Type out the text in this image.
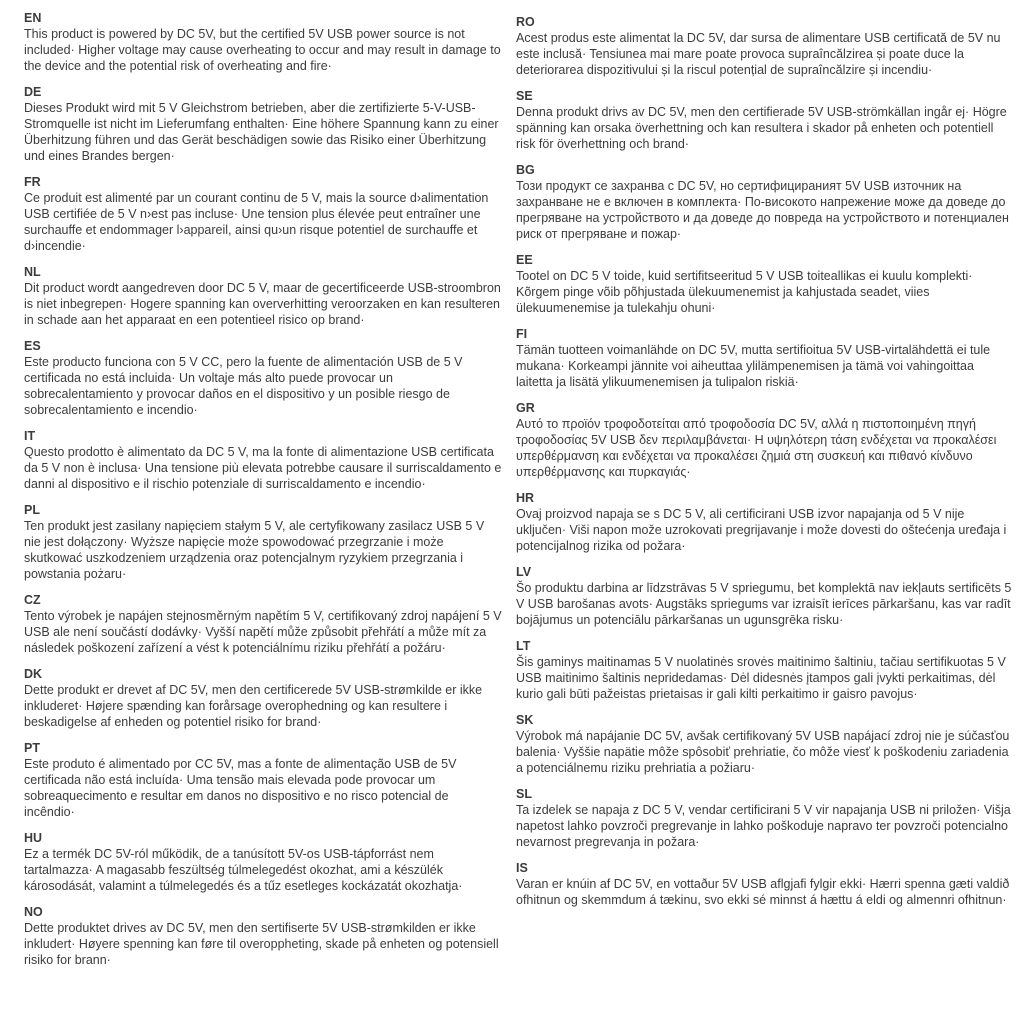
EN

This product is powered by DC 5V, but the certified 5V USB power source is not included· Higher voltage may cause overheating to occur and may result in damage to the device and the potential risk of overheating and fire·

DE

Dieses Produkt wird mit 5 V Gleichstrom betrieben, aber die zertifizierte 5-V-USB-Stromquelle ist nicht im Lieferumfang enthalten· Eine höhere Spannung kann zu einer Überhitzung führen und das Gerät beschädigen sowie das Risiko einer Überhitzung und eines Brandes bergen·

FR

Ce produit est alimenté par un courant continu de 5 V, mais la source d›alimentation USB certifiée de 5 V n›est pas incluse· Une tension plus élevée peut entraîner une surchauffe et endommager l›appareil, ainsi qu›un risque potentiel de surchauffe et d›incendie·

NL

Dit product wordt aangedreven door DC 5 V, maar de gecertificeerde USB-stroombron is niet inbegrepen· Hogere spanning kan oververhitting veroorzaken en kan resulteren in schade aan het apparaat en een potentieel risico op brand·

ES

Este producto funciona con 5 V CC, pero la fuente de alimentación USB de 5 V certificada no está incluida· Un voltaje más alto puede provocar un sobrecalentamiento y provocar daños en el dispositivo y un posible riesgo de sobrecalentamiento e incendio·

IT

Questo prodotto è alimentato da DC 5 V, ma la fonte di alimentazione USB certificata da 5 V non è inclusa· Una tensione più elevata potrebbe causare il surriscaldamento e danni al dispositivo e il rischio potenziale di surriscaldamento e incendio·

PL

Ten produkt jest zasilany napięciem stałym 5 V, ale certyfikowany zasilacz USB 5 V nie jest dołączony· Wyższe napięcie może spowodować przegrzanie i może skutkować uszkodzeniem urządzenia oraz potencjalnym ryzykiem przegrzania i powstania pożaru·

CZ

Tento výrobek je napájen stejnosměrným napětím 5 V, certifikovaný zdroj napájení 5 V USB ale není součástí dodávky· Vyšší napětí může způsobit přehřátí a může mít za následek poškození zařízení a vést k potenciálnímu riziku přehřátí a požáru·

DK

Dette produkt er drevet af DC 5V, men den certificerede 5V USB-strømkilde er ikke inkluderet· Højere spænding kan forårsage overophedning og kan resultere i beskadigelse af enheden og potentiel risiko for brand·

PT

Este produto é alimentado por CC 5V, mas a fonte de alimentação USB de 5V certificada não está incluída· Uma tensão mais elevada pode provocar um sobreaquecimento e resultar em danos no dispositivo e no risco potencial de incêndio·

HU

Ez a termék DC 5V-ról működik, de a tanúsított 5V-os USB-tápforrást nem tartalmazza· A magasabb feszültség túlmelegedést okozhat, ami a készülék károsodását, valamint a túlmelegedés és a tűz esetleges kockázatát okozhatja·

NO

Dette produktet drives av DC 5V, men den sertifiserte 5V USB-strømkilden er ikke inkludert· Høyere spenning kan føre til overoppheting, skade på enheten og potensiell risiko for brann·

RO

Acest produs este alimentat la DC 5V, dar sursa de alimentare USB certificată de 5V nu este inclusă· Tensiunea mai mare poate provoca supraîncălzirea și poate duce la deteriorarea dispozitivului și la riscul potențial de supraîncălzire și incendiu·

SE

Denna produkt drivs av DC 5V, men den certifierade 5V USB-strömkällan ingår ej· Högre spänning kan orsaka överhettning och kan resultera i skador på enheten och potentiell risk för överhettning och brand·

BG

Този продукт се захранва с DC 5V, но сертифицираният 5V USB източник на захранване не е включен в комплекта· По-високото напрежение може да доведе до прегряване на устройството и да доведе до повреда на устройството и потенциален риск от прегряване и пожар·

EE

Tootel on DC 5 V toide, kuid sertifitseeritud 5 V USB toiteallikas ei kuulu komplekti· Kõrgem pinge võib põhjustada ülekuumenemist ja kahjustada seadet, viies ülekuumenemise ja tulekahju ohuni·

FI

Tämän tuotteen voimanlähde on DC 5V, mutta sertifioitua 5V USB-virtalähdettä ei tule mukana· Korkeampi jännite voi aiheuttaa ylilämpenemisen ja tämä voi vahingoittaa laitetta ja lisätä ylikuumenemisen ja tulipalon riskiä·

GR

Αυτό το προϊόν τροφοδοτείται από τροφοδοσία DC 5V, αλλά η πιστοποιημένη πηγή τροφοδοσίας 5V USB δεν περιλαμβάνεται· Η υψηλότερη τάση ενδέχεται να προκαλέσει υπερθέρμανση και ενδέχεται να προκαλέσει ζημιά στη συσκευή και πιθανό κίνδυνο υπερθέρμανσης και πυρκαγιάς·

HR

Ovaj proizvod napaja se s DC 5 V, ali certificirani USB izvor napajanja od 5 V nije uključen· Viši napon može uzrokovati pregrijavanje i može dovesti do oštećenja uređaja i potencijalnog rizika od požara·

LV

Šo produktu darbina ar līdzstrāvas 5 V spriegumu, bet komplektā nav iekļauts sertificēts 5 V USB barošanas avots· Augstāks spriegums var izraisīt ierīces pārkaršanu, kas var radīt bojājumus un potenciālu pārkaršanas un ugunsgrēka risku·

LT

Šis gaminys maitinamas 5 V nuolatinės srovės maitinimo šaltiniu, tačiau sertifikuotas 5 V USB maitinimo šaltinis nepridedamas· Dėl didesnės įtampos gali įvykti perkaitimas, dėl kurio gali būti pažeistas prietaisas ir gali kilti perkaitimo ir gaisro pavojus·

SK

Výrobok má napájanie DC 5V, avšak certifikovaný 5V USB napájací zdroj nie je súčasťou balenia· Vyššie napätie môže spôsobiť prehriatie, čo môže viesť k poškodeniu zariadenia a potenciálnemu riziku prehriatia a požiaru·

SL

Ta izdelek se napaja z DC 5 V, vendar certificirani 5 V vir napajanja USB ni priložen· Višja napetost lahko povzroči pregrevanje in lahko poškoduje napravo ter povzroči potencialno nevarnost pregrevanja in požara·

IS

Varan er knúin af DC 5V, en vottaður 5V USB aflgjafi fylgir ekki· Hærri spenna gæti valdið ofhitnun og skemmdum á tækinu, svo ekki sé minnst á hættu á eldi og almennri ofhitnun·
